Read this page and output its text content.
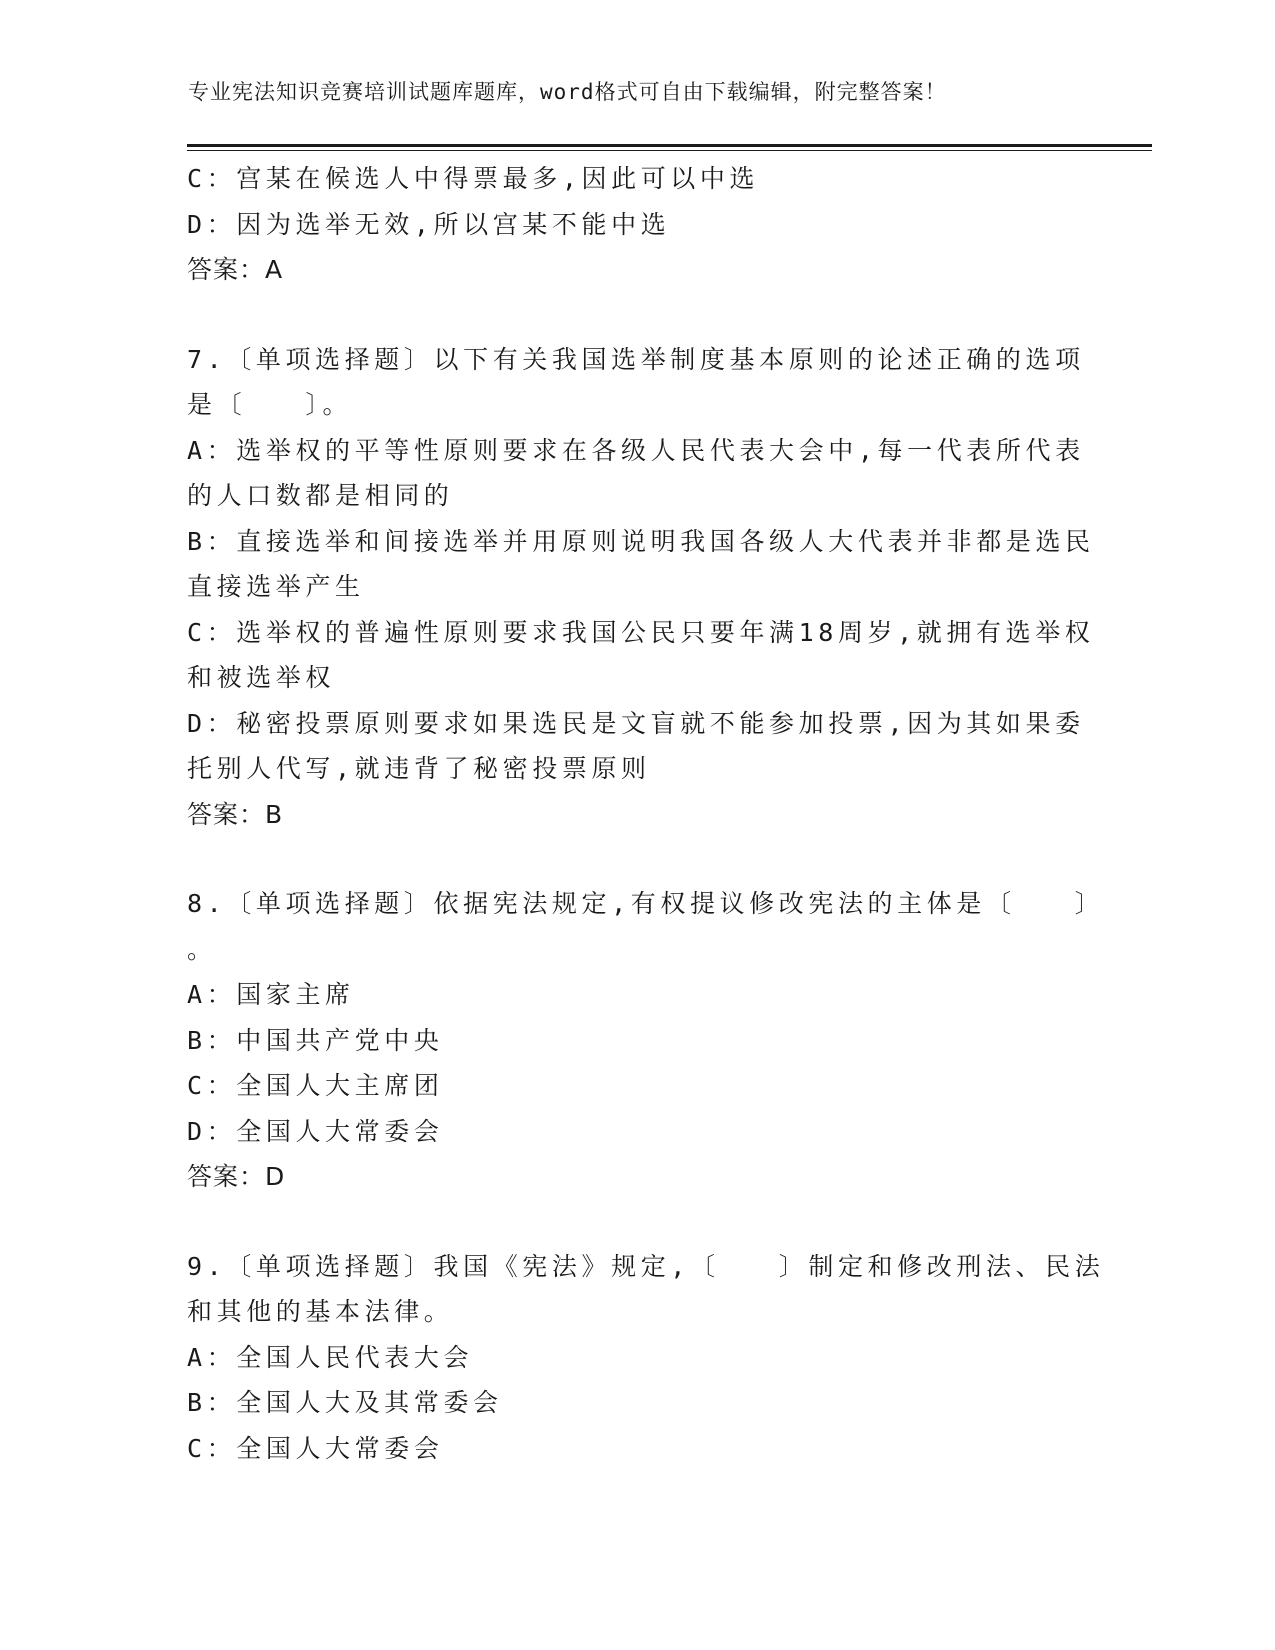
专业宪法知识竞赛培训试题库题库，word格式可自由下载编辑，附完整答案！
C：宫某在候选人中得票最多,因此可以中选
D：因为选举无效,所以宫某不能中选
答案：A
7.〔单项选择题〕以下有关我国选举制度基本原则的论述正确的选项
是〔　　〕。
A：选举权的平等性原则要求在各级人民代表大会中,每一代表所代表
的人口数都是相同的
B：直接选举和间接选举并用原则说明我国各级人大代表并非都是选民
直接选举产生
C：选举权的普遍性原则要求我国公民只要年满18周岁,就拥有选举权
和被选举权
D：秘密投票原则要求如果选民是文盲就不能参加投票,因为其如果委
托别人代写,就违背了秘密投票原则
答案：B
8.〔单项选择题〕依据宪法规定,有权提议修改宪法的主体是〔　　〕
。
A：国家主席
B：中国共产党中央
C：全国人大主席团
D：全国人大常委会
答案：D
9.〔单项选择题〕我国《宪法》规定,〔　　〕制定和修改刑法、民法
和其他的基本法律。
A：全国人民代表大会
B：全国人大及其常委会
C：全国人大常委会
